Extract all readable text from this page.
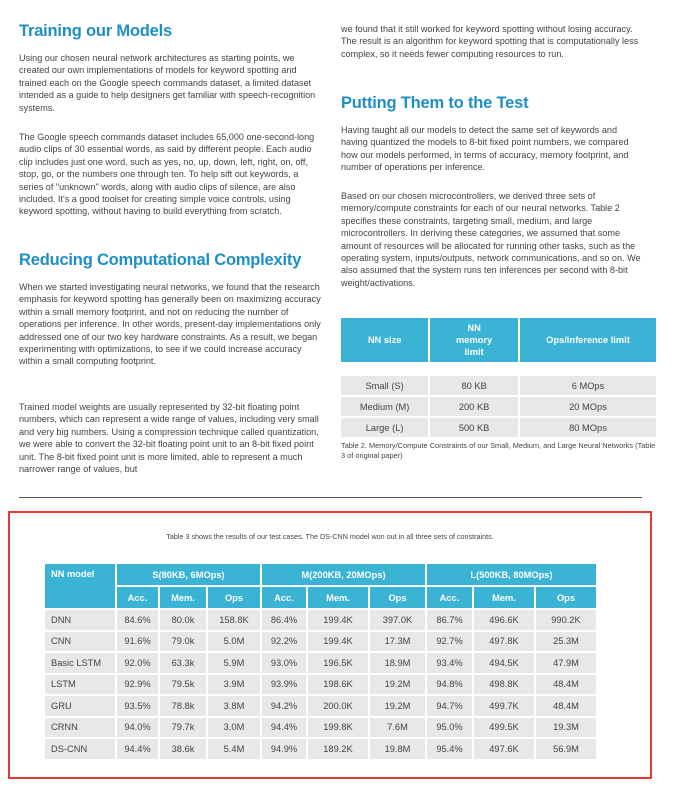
Training our Models

Using our chosen neural network architectures as starting points, we created our own implementations of models for keyword spotting and trained each on the Google speech commands dataset, a limited dataset intended as a guide to help designers get familiar with speech-recognition systems.

The Google speech commands dataset includes 65,000 one-second-long audio clips of 30 essential words, as said by different people. Each audio clip includes just one word, such as yes, no, up, down, left, right, on, off, stop, go, or the numbers one through ten. To help sift out keywords, a series of "unknown" words, along with audio clips of silence, are also included. It's a good toolset for creating simple voice controls, using keyword spotting, without having to build everything from scratch.

Reducing Computational Complexity

When we started investigating neural networks, we found that the research emphasis for keyword spotting has generally been on maximizing accuracy within a small memory footprint, and not on reducing the number of operations per inference. In other words, present-day implementations only addressed one of our two key hardware constraints. As a result, we began experimenting with optimizations, to see if we could increase accuracy within a small computing footprint.

Trained model weights are usually represented by 32-bit floating point numbers, which can represent a wide range of values, including very small and very big numbers. Using a compression technique called quantization, we were able to convert the 32-bit floating point unit to an 8-bit fixed point unit. The 8-bit fixed point unit is more limited, able to represent a much narrower range of values, but

we found that it still worked for keyword spotting without losing accuracy. The result is an algorithm for keyword spotting that is computationally less complex, so it needs fewer computing resources to run.

Putting Them to the Test

Having taught all our models to detect the same set of keywords and having quantized the models to 8-bit fixed point numbers, we compared how our models performed, in terms of accuracy, memory footprint, and number of operations per inference.

Based on our chosen microcontrollers, we derived three sets of memory/compute constraints for each of our neural networks. Table 2 specifies these constraints, targeting small, medium, and large microcontrollers. In deriving these categories, we assumed that some amount of resources will be allocated for running other tasks, such as the operating system, inputs/outputs, network communications, and so on. We also assumed that the system runs ten inferences per second with 8-bit weight/activations.

NN size	NN memory limit	Ops/inference limit

Small (S)	80 KB	6 MOps
Medium (M)	200 KB	20 MOps
Large (L)	500 KB	80 MOps

Table 2. Memory/Compute Constraints of our Small, Medium, and Large Neural Networks (Table 3 of original paper)

Table 3 shows the results of our test cases. The DS-CNN model won out in all three sets of constraints.

NN model	S(80KB, 6MOps)			M(200KB, 20MOps)			L(500KB, 80MOps)		
	Acc.	Mem.	Ops	Acc.	Mem.	Ops	Acc.	Mem.	Ops
DNN	84.6%	80.0k	158.8K	86.4%	199.4K	397.0K	86.7%	496.6K	990.2K
CNN	91.6%	79.0k	5.0M	92.2%	199.4K	17.3M	92.7%	497.8K	25.3M
Basic LSTM	92.0%	63.3k	5.9M	93.0%	196.5K	18.9M	93.4%	494.5K	47.9M
LSTM	92.9%	79.5k	3.9M	93.9%	198.6K	19.2M	94.8%	498.8K	48.4M
GRU	93.5%	78.8k	3.8M	94.2%	200.0K	19.2M	94.7%	499.7K	48.4M
CRNN	94.0%	79.7k	3.0M	94.4%	199.8K	7.6M	95.0%	499.5K	19.3M
DS-CNN	94.4%	38.6k	5.4M	94.9%	189.2K	19.8M	95.4%	497.6K	56.9M
